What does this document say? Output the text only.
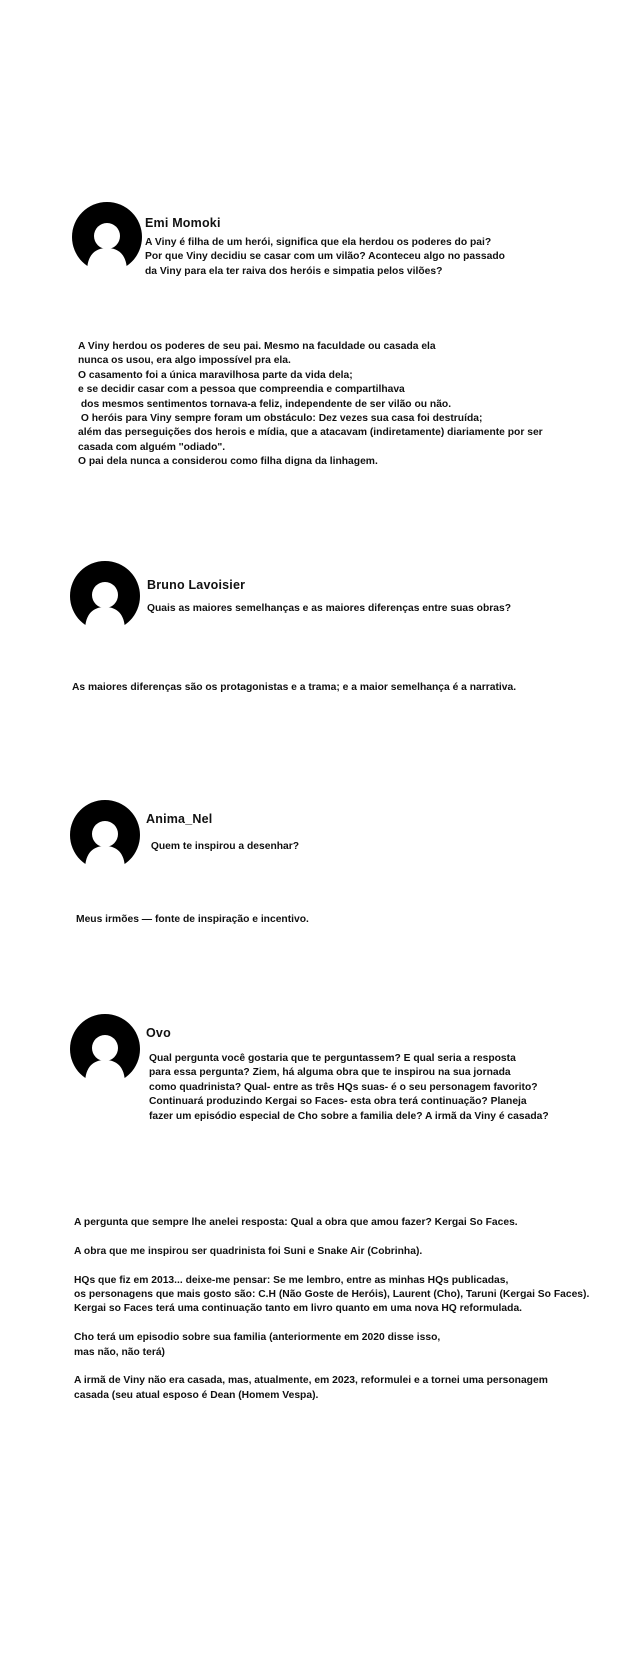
Emi Momoki
A Viny é filha de um herói, significa que ela herdou os poderes do pai?
Por que Viny decidiu se casar com um vilão? Aconteceu algo no passado
da Viny para ela ter raiva dos heróis e simpatia pelos vilões?
A Viny herdou os poderes de seu pai. Mesmo na faculdade ou casada ela
nunca os usou, era algo impossível pra ela.
O casamento foi a única maravilhosa parte da vida dela;
e se decidir casar com a pessoa que compreendia e compartilhava
dos mesmos sentimentos tornava-a feliz, independente de ser vilão ou não.
O heróis para Viny sempre foram um obstáculo: Dez vezes sua casa foi destruída;
além das perseguições dos herois e mídia, que a atacavam (indiretamente) diariamente por ser
casada com alguém ''odiado".
O pai dela nunca a considerou como filha digna da linhagem.
Bruno Lavoisier
Quais as maiores semelhanças e as maiores diferenças entre suas obras?
As maiores diferenças são os protagonistas e a trama; e a maior semelhança é a narrativa.
Anima_Nel
Quem te inspirou a desenhar?
Meus irmões — fonte de inspiração e incentivo.
Ovo
Qual pergunta você gostaria que te perguntassem? E qual seria a resposta
para essa pergunta? Ziem, há alguma obra que te inspirou na sua jornada
como quadrinista? Qual- entre as três HQs suas- é o seu personagem favorito?
Continuará produzindo Kergai so Faces- esta obra terá continuação? Planeja
fazer um episódio especial de Cho sobre a familia dele? A irmã da Viny é casada?
A pergunta que sempre lhe anelei resposta: Qual a obra que amou fazer? Kergai So Faces.
A obra que me inspirou ser quadrinista foi Suni e Snake Air (Cobrinha).
HQs que fiz em 2013... deixe-me pensar: Se me lembro, entre as minhas HQs publicadas,
os personagens que mais gosto são: C.H (Não Goste de Heróis), Laurent (Cho), Taruni (Kergai So Faces).
Kergai so Faces terá uma continuação tanto em livro quanto em uma nova HQ reformulada.
Cho terá um episodio sobre sua familia (anteriormente em 2020 disse isso,
mas não, não terá)
A irmã de Viny não era casada, mas, atualmente, em 2023, reformulei e a tornei uma personagem
casada (seu atual esposo é Dean (Homem Vespa).
